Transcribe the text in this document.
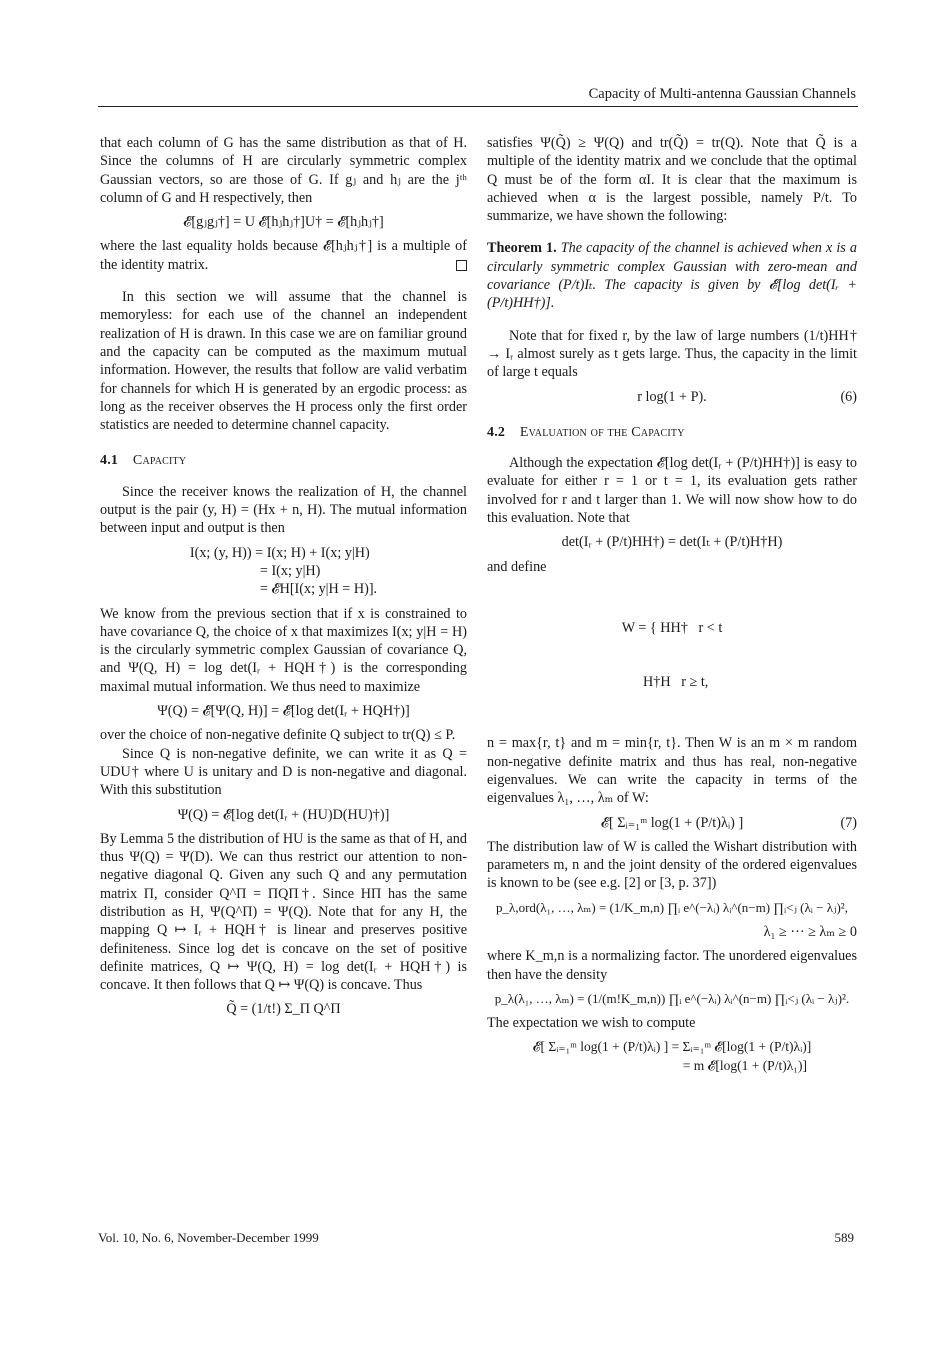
Capacity of Multi-antenna Gaussian Channels

that each column of G has the same distribution as that of H. Since the columns of H are circularly symmetric complex Gaussian vectors, so are those of G. If gⱼ and hⱼ are the jᵗʰ column of G and H respectively, then

𝓔[gⱼgⱼ†] = U 𝓔[hⱼhⱼ†]U† = 𝓔[hⱼhⱼ†]

where the last equality holds because 𝓔[hⱼhⱼ†] is a multiple of the identity matrix.

In this section we will assume that the channel is memoryless: for each use of the channel an independent realization of H is drawn. In this case we are on familiar ground and the capacity can be computed as the maximum mutual information. However, the results that follow are valid verbatim for channels for which H is generated by an ergodic process: as long as the receiver observes the H process only the first order statistics are needed to determine channel capacity.

4.1 Capacity

Since the receiver knows the realization of H, the channel output is the pair (y, H) = (Hx + n, H). The mutual information between input and output is then

I(x; (y, H)) = I(x; H) + I(x; y|H)
= I(x; y|H)
= 𝓔H[I(x; y|H = H)].

We know from the previous section that if x is constrained to have covariance Q, the choice of x that maximizes I(x; y|H = H) is the circularly symmetric complex Gaussian of covariance Q, and Ψ(Q, H) = log det(Iᵣ + HQH†) is the corresponding maximal mutual information. We thus need to maximize

Ψ(Q) = 𝓔[Ψ(Q, H)] = 𝓔[log det(Iᵣ + HQH†)]

over the choice of non-negative definite Q subject to tr(Q) ≤ P.

Since Q is non-negative definite, we can write it as Q = UDU† where U is unitary and D is non-negative and diagonal. With this substitution

Ψ(Q) = 𝓔[log det(Iᵣ + (HU)D(HU)†)]

By Lemma 5 the distribution of HU is the same as that of H, and thus Ψ(Q) = Ψ(D). We can thus restrict our attention to non-negative diagonal Q. Given any such Q and any permutation matrix Π, consider Q^Π = ΠQΠ†. Since HΠ has the same distribution as H, Ψ(Q^Π) = Ψ(Q). Note that for any H, the mapping Q ↦ Iᵣ + HQH† is linear and preserves positive definiteness. Since log det is concave on the set of positive definite matrices, Q ↦ Ψ(Q, H) = log det(Iᵣ + HQH†) is concave. It then follows that Q ↦ Ψ(Q) is concave. Thus

Q̃ = (1/t!) Σ_Π Q^Π

satisfies Ψ(Q̃) ≥ Ψ(Q) and tr(Q̃) = tr(Q). Note that Q̃ is a multiple of the identity matrix and we conclude that the optimal Q must be of the form αI. It is clear that the maximum is achieved when α is the largest possible, namely P/t. To summarize, we have shown the following:

Theorem 1. The capacity of the channel is achieved when x is a circularly symmetric complex Gaussian with zero-mean and covariance (P/t)Iₜ. The capacity is given by 𝓔[log det(Iᵣ + (P/t)HH†)].

Note that for fixed r, by the law of large numbers (1/t)HH† → Iᵣ almost surely as t gets large. Thus, the capacity in the limit of large t equals

r log(1 + P).	(6)
4.2 Evaluation of the Capacity

Although the expectation 𝓔[log det(Iᵣ + (P/t)HH†)] is easy to evaluate for either r = 1 or t = 1, its evaluation gets rather involved for r and t larger than 1. We will now show how to do this evaluation. Note that

det(Iᵣ + (P/t)HH†) = det(Iₜ + (P/t)H†H)

and define

W = { HH†   r < t

H†H   r ≥ t,

n = max{r, t} and m = min{r, t}. Then W is an m × m random non-negative definite matrix and thus has real, non-negative eigenvalues. We can write the capacity in terms of the eigenvalues λ₁, …, λₘ of W:

𝓔[ Σᵢ₌₁ᵐ log(1 + (P/t)λᵢ) ]	(7)

The distribution law of W is called the Wishart distribution with parameters m, n and the joint density of the ordered eigenvalues is known to be (see e.g. [2] or [3, p. 37])

p_λ,ord(λ₁, …, λₘ) = (1/K_m,n) ∏ᵢ e^(−λᵢ) λᵢ^(n−m) ∏ᵢ<ⱼ (λᵢ − λⱼ)²,
λ₁ ≥ ··· ≥ λₘ ≥ 0

where K_m,n is a normalizing factor. The unordered eigenvalues then have the density

p_λ(λ₁, …, λₘ) = (1/(m!K_m,n)) ∏ᵢ e^(−λᵢ) λᵢ^(n−m) ∏ᵢ<ⱼ (λᵢ − λⱼ)².

The expectation we wish to compute

𝓔[ Σᵢ₌₁ᵐ log(1 + (P/t)λᵢ) ] = Σᵢ₌₁ᵐ 𝓔[log(1 + (P/t)λᵢ)]
= m 𝓔[log(1 + (P/t)λ₁)]
Vol. 10, No. 6, November-December 1999	589
